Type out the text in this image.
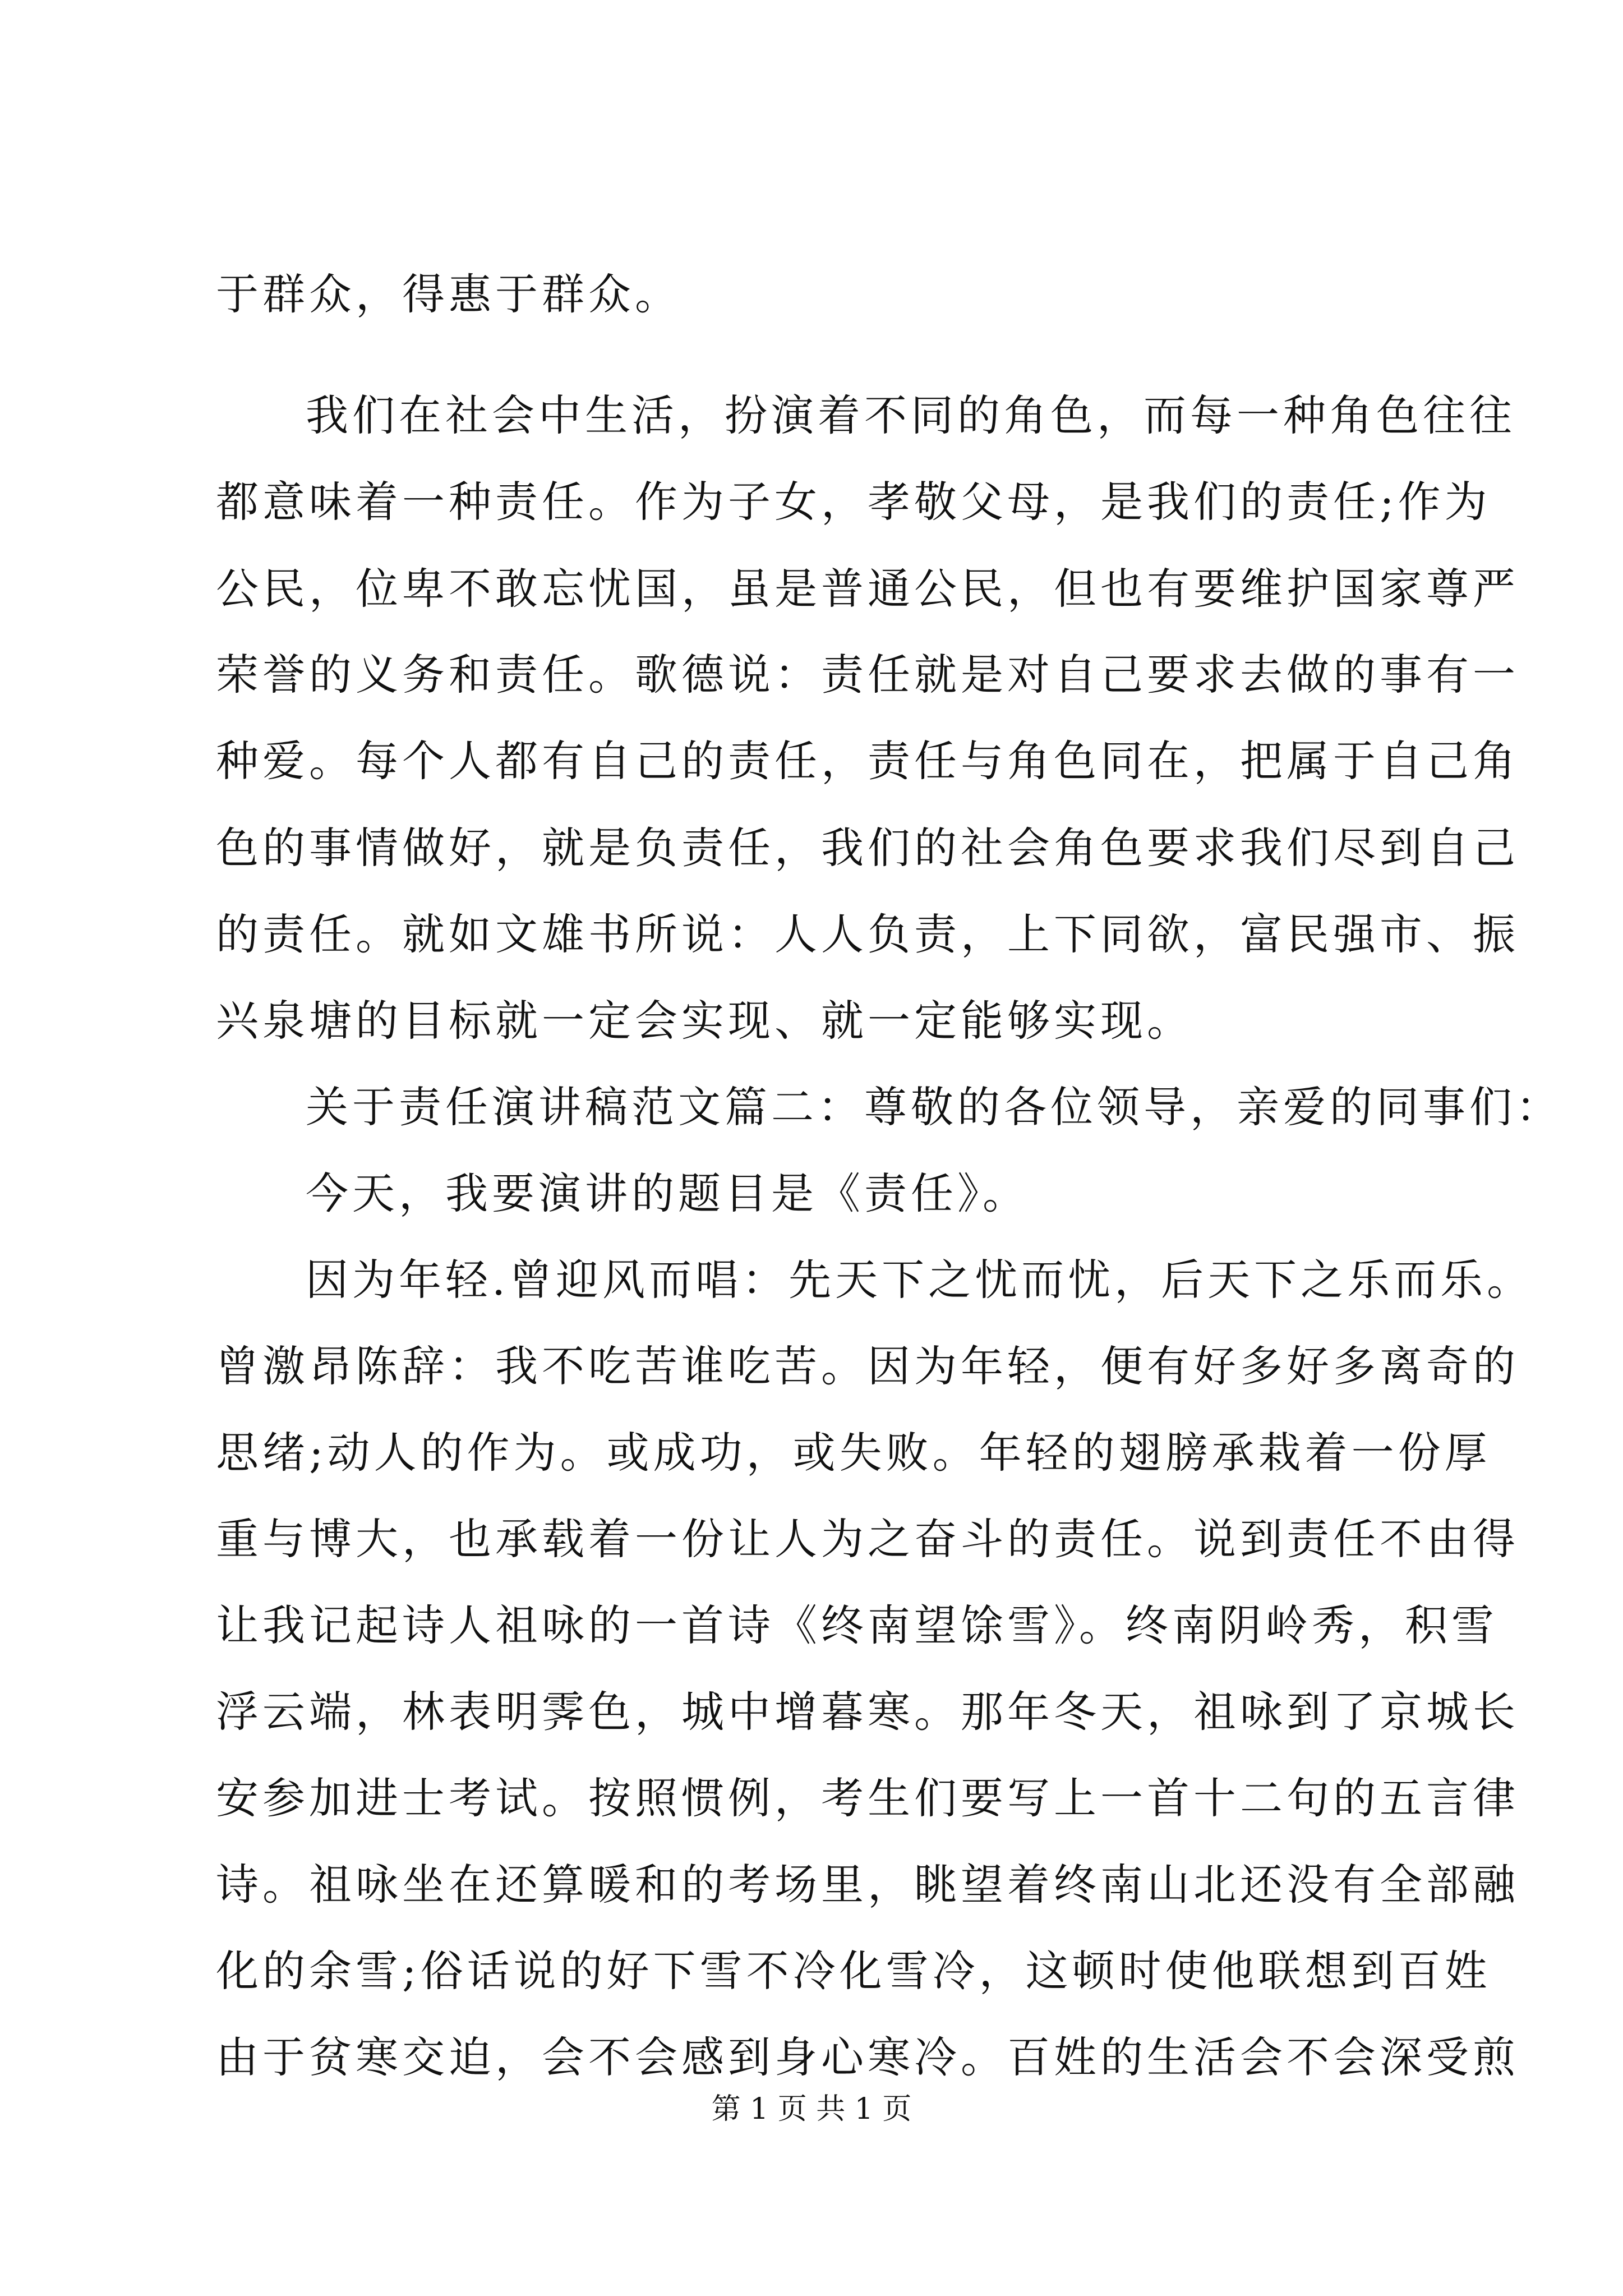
于群众，得惠于群众。
我们在社会中生活，扮演着不同的角色，而每一种角色往往
都意味着一种责任。作为子女，孝敬父母，是我们的责任;作为
公民，位卑不敢忘忧国，虽是普通公民，但也有要维护国家尊严
荣誉的义务和责任。歌德说：责任就是对自己要求去做的事有一
种爱。每个人都有自己的责任，责任与角色同在，把属于自己角
色的事情做好，就是负责任，我们的社会角色要求我们尽到自己
的责任。就如文雄书所说：人人负责，上下同欲，富民强市、振
兴泉塘的目标就一定会实现、就一定能够实现。
关于责任演讲稿范文篇二：尊敬的各位领导，亲爱的同事们：
今天，我要演讲的题目是《责任》。
因为年轻.曾迎风而唱：先天下之忧而忧，后天下之乐而乐。
曾激昂陈辞：我不吃苦谁吃苦。因为年轻，便有好多好多离奇的
思绪;动人的作为。或成功，或失败。年轻的翅膀承栽着一份厚
重与博大，也承载着一份让人为之奋斗的责任。说到责任不由得
让我记起诗人祖咏的一首诗《终南望馀雪》。终南阴岭秀，积雪
浮云端，林表明霁色，城中增暮寒。那年冬天，祖咏到了京城长
安参加进士考试。按照惯例，考生们要写上一首十二句的五言律
诗。祖咏坐在还算暖和的考场里，眺望着终南山北还没有全部融
化的余雪;俗话说的好下雪不冷化雪冷，这顿时使他联想到百姓
由于贫寒交迫，会不会感到身心寒冷。百姓的生活会不会深受煎
第 1 页 共 1 页
